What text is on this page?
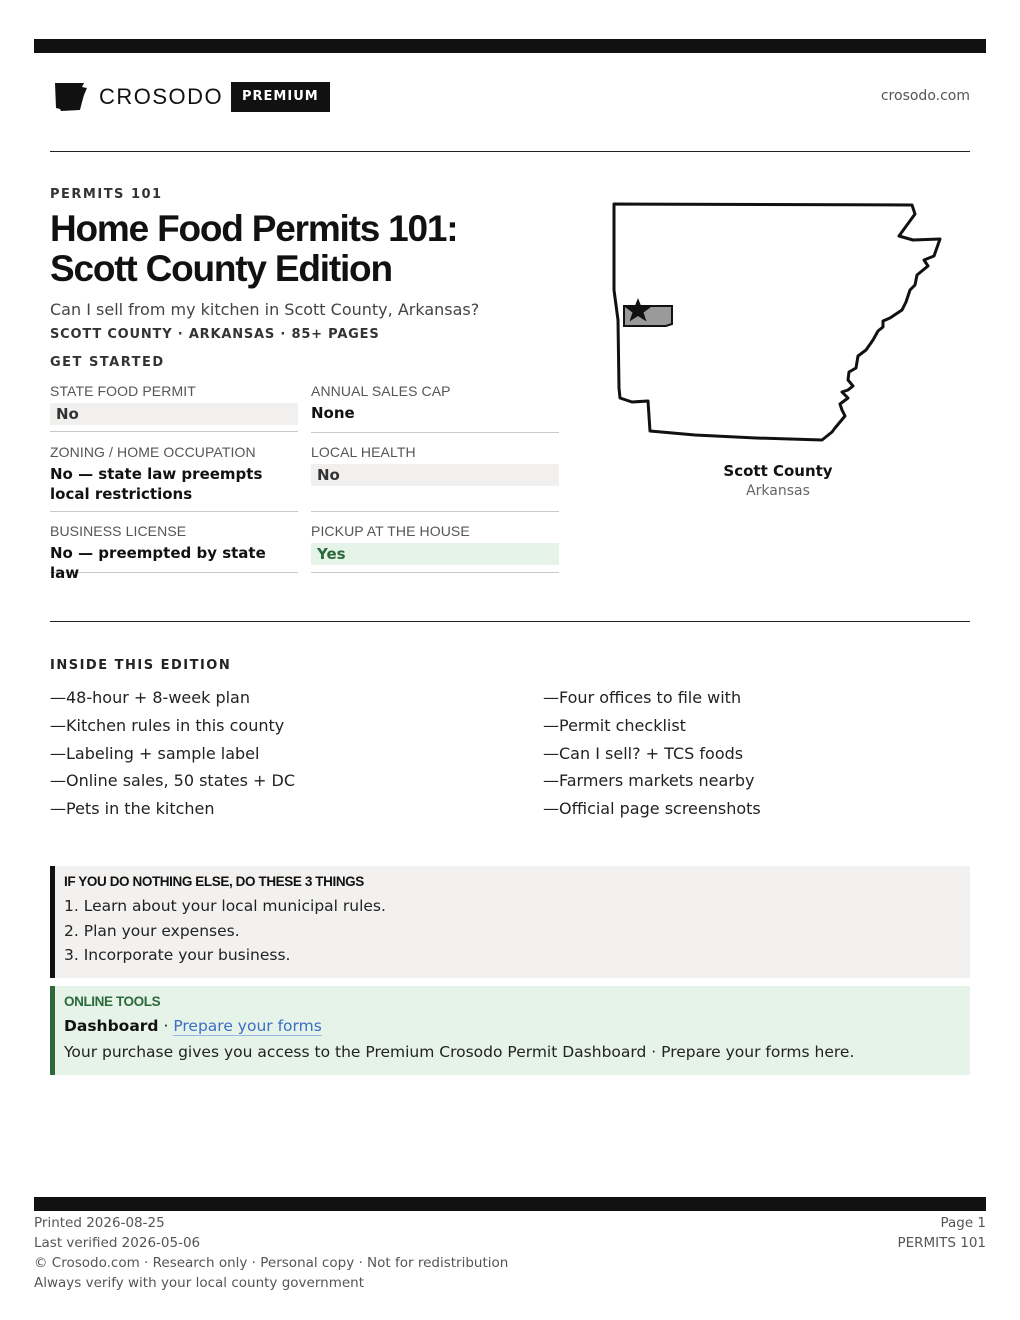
CROSODO	PREMIUM	crosodo.com
PERMITS 101
Home Food Permits 101: Scott County Edition
Can I sell from my kitchen in Scott County, Arkansas?
SCOTT COUNTY · ARKANSAS · 85+ PAGES
GET STARTED
STATE FOOD PERMIT
No
ANNUAL SALES CAP
None
ZONING / HOME OCCUPATION
No — state law preempts local restrictions
LOCAL HEALTH
No
BUSINESS LICENSE
No — preempted by state law
PICKUP AT THE HOUSE
Yes
Scott County
Arkansas
INSIDE THIS EDITION
—48-hour + 8-week plan
—Kitchen rules in this county
—Labeling + sample label
—Online sales, 50 states + DC
—Pets in the kitchen
—Four offices to file with
—Permit checklist
—Can I sell? + TCS foods
—Farmers markets nearby
—Official page screenshots
IF YOU DO NOTHING ELSE, DO THESE 3 THINGS
1. Learn about your local municipal rules.
2. Plan your expenses.
3. Incorporate your business.
ONLINE TOOLS
Dashboard · Prepare your forms
Your purchase gives you access to the Premium Crosodo Permit Dashboard · Prepare your forms here.
Printed 2026-08-25
Last verified 2026-05-06
© Crosodo.com · Research only · Personal copy · Not for redistribution
Always verify with your local county government
Page 1
PERMITS 101
